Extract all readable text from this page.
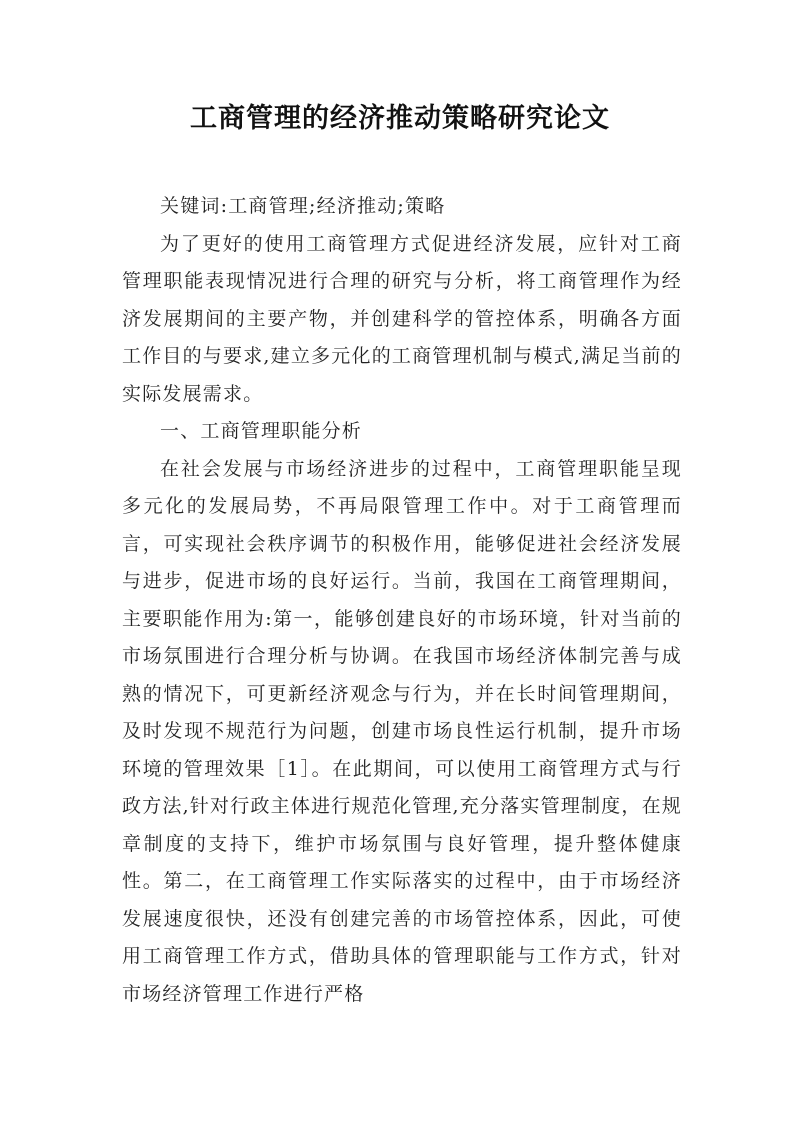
工商管理的经济推动策略研究论文

关键词:工商管理;经济推动;策略

为了更好的使用工商管理方式促进经济发展，应针对工商管理职能表现情况进行合理的研究与分析，将工商管理作为经济发展期间的主要产物，并创建科学的管控体系，明确各方面工作目的与要求,建立多元化的工商管理机制与模式,满足当前的实际发展需求。

一、工商管理职能分析

在社会发展与市场经济进步的过程中，工商管理职能呈现多元化的发展局势，不再局限管理工作中。对于工商管理而言，可实现社会秩序调节的积极作用，能够促进社会经济发展与进步，促进市场的良好运行。当前，我国在工商管理期间，主要职能作用为:第一，能够创建良好的市场环境，针对当前的市场氛围进行合理分析与协调。在我国市场经济体制完善与成熟的情况下，可更新经济观念与行为，并在长时间管理期间，及时发现不规范行为问题，创建市场良性运行机制，提升市场环境的管理效果［1］。在此期间，可以使用工商管理方式与行政方法,针对行政主体进行规范化管理,充分落实管理制度，在规章制度的支持下，维护市场氛围与良好管理，提升整体健康性。第二，在工商管理工作实际落实的过程中，由于市场经济发展速度很快，还没有创建完善的市场管控体系，因此，可使用工商管理工作方式，借助具体的管理职能与工作方式，针对市场经济管理工作进行严格
